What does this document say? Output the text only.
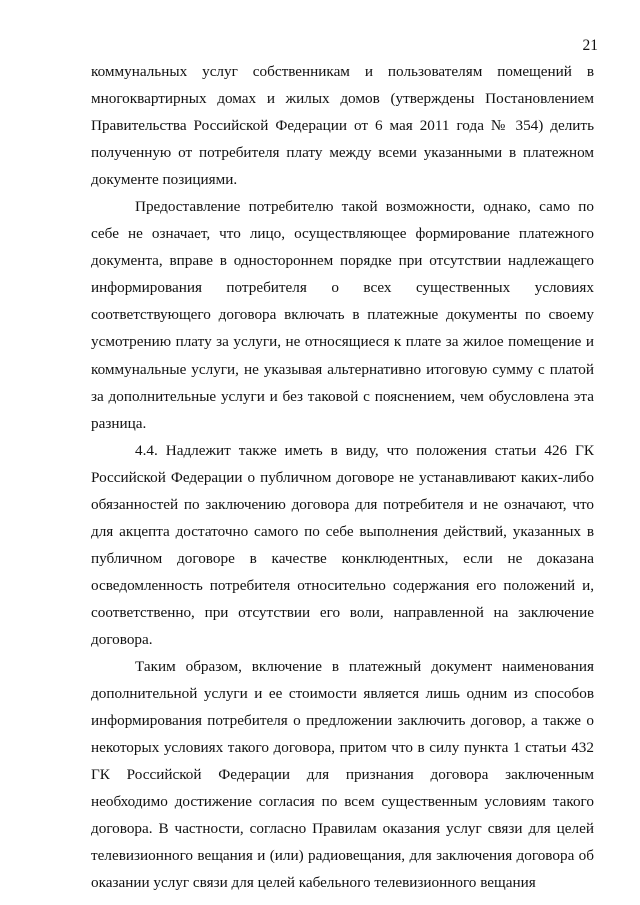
21

коммунальных услуг собственникам и пользователям помещений в многоквартирных домах и жилых домов (утверждены Постановлением Правительства Российской Федерации от 6 мая 2011 года № 354) делить полученную от потребителя плату между всеми указанными в платежном документе позициями.

Предоставление потребителю такой возможности, однако, само по себе не означает, что лицо, осуществляющее формирование платежного документа, вправе в одностороннем порядке при отсутствии надлежащего информирования потребителя о всех существенных условиях соответствующего договора включать в платежные документы по своему усмотрению плату за услуги, не относящиеся к плате за жилое помещение и коммунальные услуги, не указывая альтернативно итоговую сумму с платой за дополнительные услуги и без таковой с пояснением, чем обусловлена эта разница.

4.4. Надлежит также иметь в виду, что положения статьи 426 ГК Российской Федерации о публичном договоре не устанавливают каких-либо обязанностей по заключению договора для потребителя и не означают, что для акцепта достаточно самого по себе выполнения действий, указанных в публичном договоре в качестве конклюдентных, если не доказана осведомленность потребителя относительно содержания его положений и, соответственно, при отсутствии его воли, направленной на заключение договора.

Таким образом, включение в платежный документ наименования дополнительной услуги и ее стоимости является лишь одним из способов информирования потребителя о предложении заключить договор, а также о некоторых условиях такого договора, притом что в силу пункта 1 статьи 432 ГК Российской Федерации для признания договора заключенным необходимо достижение согласия по всем существенным условиям такого договора. В частности, согласно Правилам оказания услуг связи для целей телевизионного вещания и (или) радиовещания, для заключения договора об оказании услуг связи для целей кабельного телевизионного вещания
